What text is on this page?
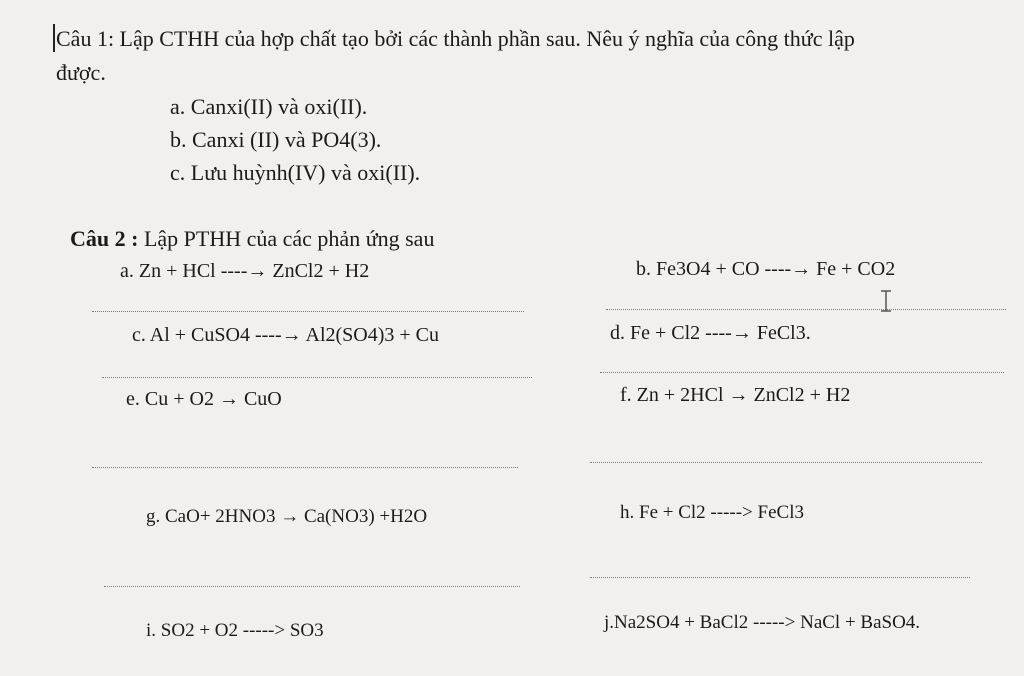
Câu 1: Lập CTHH của hợp chất tạo bởi các thành phần sau. Nêu ý nghĩa của công thức lập
được.
a. Canxi(II) và oxi(II).
b. Canxi (II) và PO4(3).
c. Lưu huỳnh(IV) và oxi(II).
Câu 2 : Lập PTHH của các phản ứng sau
a. Zn + HCl ----→ ZnCl2 + H2	b. Fe3O4 + CO ----→ Fe + CO2
c. Al + CuSO4 ----→ Al2(SO4)3 + Cu	d. Fe + Cl2 ----→ FeCl3.
e. Cu + O2 → CuO	f. Zn + 2HCl → ZnCl2 + H2
g. CaO+ 2HNO3 → Ca(NO3) +H2O	h. Fe + Cl2 -----> FeCl3
i. SO2 + O2 -----> SO3	j.Na2SO4 + BaCl2 -----> NaCl + BaSO4.
